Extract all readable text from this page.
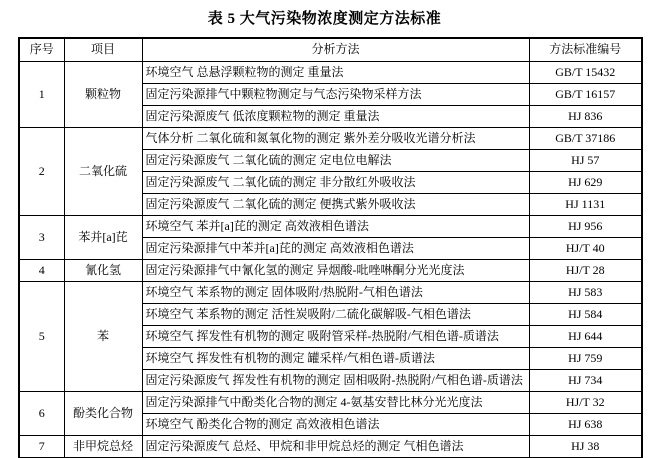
表 5 大气污染物浓度测定方法标准
序号	项目	分析方法	方法标准编号
1	颗粒物	环境空气 总悬浮颗粒物的测定 重量法	GB/T 15432
		固定污染源排气中颗粒物测定与气态污染物采样方法	GB/T 16157
		固定污染源废气 低浓度颗粒物的测定 重量法	HJ 836
2	二氧化硫	气体分析 二氧化硫和氮氧化物的测定 紫外差分吸收光谱分析法	GB/T 37186
		固定污染源废气 二氧化硫的测定 定电位电解法	HJ 57
		固定污染源废气 二氧化硫的测定 非分散红外吸收法	HJ 629
		固定污染源废气 二氧化硫的测定 便携式紫外吸收法	HJ 1131
3	苯并[a]芘	环境空气 苯并[a]芘的测定 高效液相色谱法	HJ 956
		固定污染源排气中苯并[a]芘的测定 高效液相色谱法	HJ/T 40
4	氰化氢	固定污染源排气中氰化氢的测定 异烟酸-吡唑啉酮分光光度法	HJ/T 28
5	苯	环境空气 苯系物的测定 固体吸附/热脱附-气相色谱法	HJ 583
		环境空气 苯系物的测定 活性炭吸附/二硫化碳解吸-气相色谱法	HJ 584
		环境空气 挥发性有机物的测定 吸附管采样-热脱附/气相色谱-质谱法	HJ 644
		环境空气 挥发性有机物的测定 罐采样/气相色谱-质谱法	HJ 759
		固定污染源废气 挥发性有机物的测定 固相吸附-热脱附/气相色谱-质谱法	HJ 734
6	酚类化合物	固定污染源排气中酚类化合物的测定 4-氨基安替比林分光光度法	HJ/T 32
		环境空气 酚类化合物的测定 高效液相色谱法	HJ 638
7	非甲烷总烃	固定污染源废气 总烃、甲烷和非甲烷总烃的测定 气相色谱法	HJ 38
